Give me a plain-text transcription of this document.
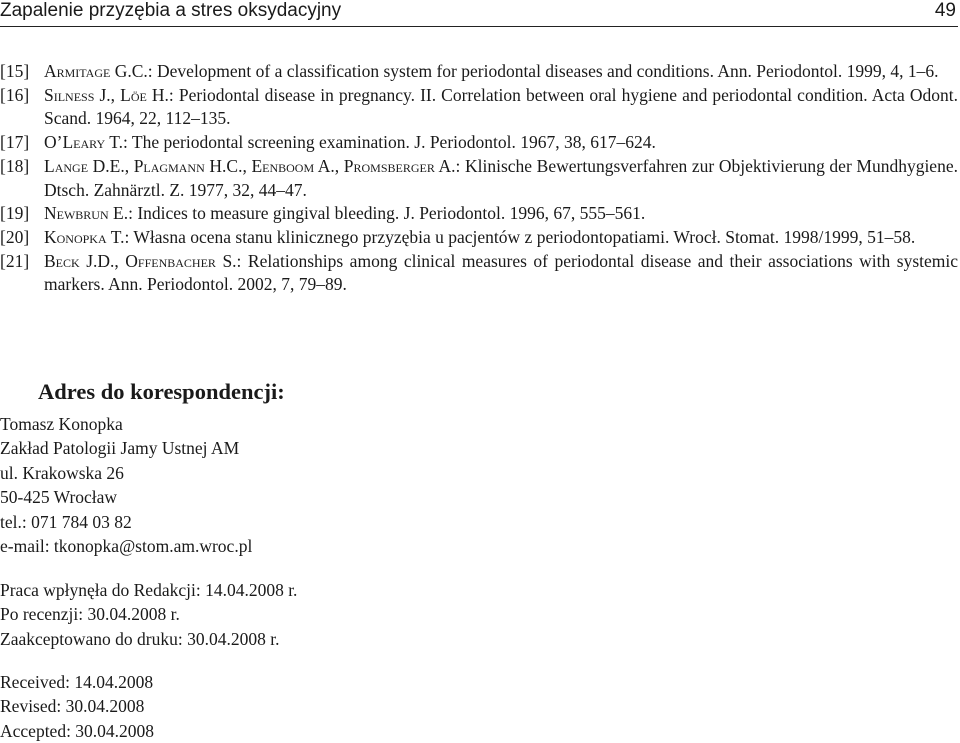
Zapalenie przyzębia a stres oksydacyjny	49
[15] Armitage G.C.: Development of a classification system for periodontal diseases and conditions. Ann. Periodontol. 1999, 4, 1–6.
[16] Silness J., Löe H.: Periodontal disease in pregnancy. II. Correlation between oral hygiene and periodontal condition. Acta Odont. Scand. 1964, 22, 112–135.
[17] O’Leary T.: The periodontal screening examination. J. Periodontol. 1967, 38, 617–624.
[18] Lange D.E., Plagmann H.C., Eenboom A., Promsberger A.: Klinische Bewertungsverfahren zur Objektivierung der Mundhygiene. Dtsch. Zahnärztl. Z. 1977, 32, 44–47.
[19] Newbrun E.: Indices to measure gingival bleeding. J. Periodontol. 1996, 67, 555–561.
[20] Konopka T.: Własna ocena stanu klinicznego przyzębia u pacjentów z periodontopatiami. Wrocł. Stomat. 1998/1999, 51–58.
[21] Beck J.D., Offenbacher S.: Relationships among clinical measures of periodontal disease and their associations with systemic markers. Ann. Periodontol. 2002, 7, 79–89.
Adres do korespondencji:
Tomasz Konopka
Zakład Patologii Jamy Ustnej AM
ul. Krakowska 26
50-425 Wrocław
tel.: 071 784 03 82
e-mail: tkonopka@stom.am.wroc.pl
Praca wpłynęła do Redakcji: 14.04.2008 r.
Po recenzji: 30.04.2008 r.
Zaakceptowano do druku: 30.04.2008 r.
Received: 14.04.2008
Revised: 30.04.2008
Accepted: 30.04.2008
